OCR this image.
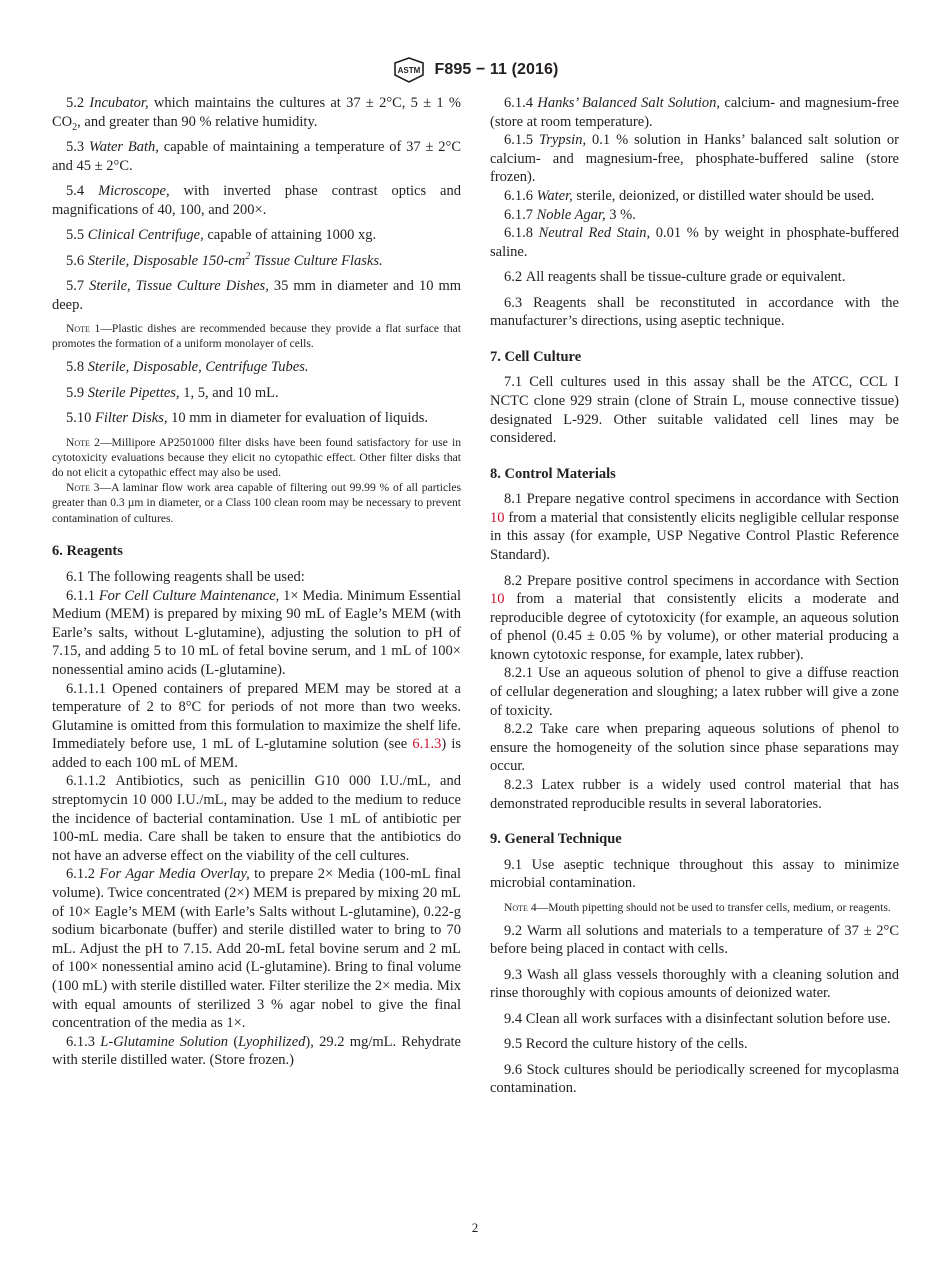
ASTM F895 − 11 (2016)

5.2 Incubator, which maintains the cultures at 37 ± 2°C, 5 ± 1 % $CO_2$, and greater than 90 % relative humidity.

5.3 Water Bath, capable of maintaining a temperature of 37 ± 2°C and 45 ± 2°C.

5.4 Microscope, with inverted phase contrast optics and magnifications of 40, 100, and 200×.

5.5 Clinical Centrifuge, capable of attaining 1000 xg.

5.6 Sterile, Disposable $150-cm^2$ Tissue Culture Flasks.

5.7 Sterile, Tissue Culture Dishes, 35 mm in diameter and 10 mm deep.

Note 1—Plastic dishes are recommended because they provide a flat surface that promotes the formation of a uniform monolayer of cells.

5.8 Sterile, Disposable, Centrifuge Tubes.

5.9 Sterile Pipettes, 1, 5, and 10 mL.

5.10 Filter Disks, 10 mm in diameter for evaluation of liquids.

Note 2—Millipore AP2501000 filter disks have been found satisfactory for use in cytotoxicity evaluations because they elicit no cytopathic effect. Other filter disks that do not elicit a cytopathic effect may also be used.

Note 3—A laminar flow work area capable of filtering out 99.99 % of all particles greater than 0.3 µm in diameter, or a Class 100 clean room may be necessary to prevent contamination of cultures.

6. Reagents

6.1 The following reagents shall be used:

6.1.1 For Cell Culture Maintenance, 1× Media. Minimum Essential Medium (MEM) is prepared by mixing 90 mL of Eagle’s MEM (with Earle’s salts, without L-glutamine), adjusting the solution to pH of 7.15, and adding 5 to 10 mL of fetal bovine serum, and 1 mL of 100× nonessential amino acids (L-glutamine).

6.1.1.1 Opened containers of prepared MEM may be stored at a temperature of 2 to 8°C for periods of not more than two weeks. Glutamine is omitted from this formulation to maximize the shelf life. Immediately before use, 1 mL of L-glutamine solution (see 6.1.3) is added to each 100 mL of MEM.

6.1.1.2 Antibiotics, such as penicillin G10 000 I.U./mL, and streptomycin 10 000 I.U./mL, may be added to the medium to reduce the incidence of bacterial contamination. Use 1 mL of antibiotic per 100-mL media. Care shall be taken to ensure that the antibiotics do not have an adverse effect on the viability of the cell cultures.

6.1.2 For Agar Media Overlay, to prepare 2× Media (100-mL final volume). Twice concentrated (2×) MEM is prepared by mixing 20 mL of 10× Eagle’s MEM (with Earle’s Salts without L-glutamine), 0.22-g sodium bicarbonate (buffer) and sterile distilled water to bring to 70 mL. Adjust the pH to 7.15. Add 20-mL fetal bovine serum and 2 mL of 100× nonessential amino acid (L-glutamine). Bring to final volume (100 mL) with sterile distilled water. Filter sterilize the 2× media. Mix with equal amounts of sterilized 3 % agar nobel to give the final concentration of the media as 1×.

6.1.3 L-Glutamine Solution (Lyophilized), 29.2 mg/mL. Rehydrate with sterile distilled water. (Store frozen.)

6.1.4 Hanks’ Balanced Salt Solution, calcium- and magnesium-free (store at room temperature).

6.1.5 Trypsin, 0.1 % solution in Hanks’ balanced salt solution or calcium- and magnesium-free, phosphate-buffered saline (store frozen).

6.1.6 Water, sterile, deionized, or distilled water should be used.

6.1.7 Noble Agar, 3 %.

6.1.8 Neutral Red Stain, 0.01 % by weight in phosphate-buffered saline.

6.2 All reagents shall be tissue-culture grade or equivalent.

6.3 Reagents shall be reconstituted in accordance with the manufacturer’s directions, using aseptic technique.

7. Cell Culture

7.1 Cell cultures used in this assay shall be the ATCC, CCL I NCTC clone 929 strain (clone of Strain L, mouse connective tissue) designated L-929. Other suitable validated cell lines may be considered.

8. Control Materials

8.1 Prepare negative control specimens in accordance with Section 10 from a material that consistently elicits negligible cellular response in this assay (for example, USP Negative Control Plastic Reference Standard).

8.2 Prepare positive control specimens in accordance with Section 10 from a material that consistently elicits a moderate and reproducible degree of cytotoxicity (for example, an aqueous solution of phenol (0.45 ± 0.05 % by volume), or other material producing a known cytotoxic response, for example, latex rubber).

8.2.1 Use an aqueous solution of phenol to give a diffuse reaction of cellular degeneration and sloughing; a latex rubber will give a zone of toxicity.

8.2.2 Take care when preparing aqueous solutions of phenol to ensure the homogeneity of the solution since phase separations may occur.

8.2.3 Latex rubber is a widely used control material that has demonstrated reproducible results in several laboratories.

9. General Technique

9.1 Use aseptic technique throughout this assay to minimize microbial contamination.

Note 4—Mouth pipetting should not be used to transfer cells, medium, or reagents.

9.2 Warm all solutions and materials to a temperature of 37 ± 2°C before being placed in contact with cells.

9.3 Wash all glass vessels thoroughly with a cleaning solution and rinse thoroughly with copious amounts of deionized water.

9.4 Clean all work surfaces with a disinfectant solution before use.

9.5 Record the culture history of the cells.

9.6 Stock cultures should be periodically screened for mycoplasma contamination.

2
